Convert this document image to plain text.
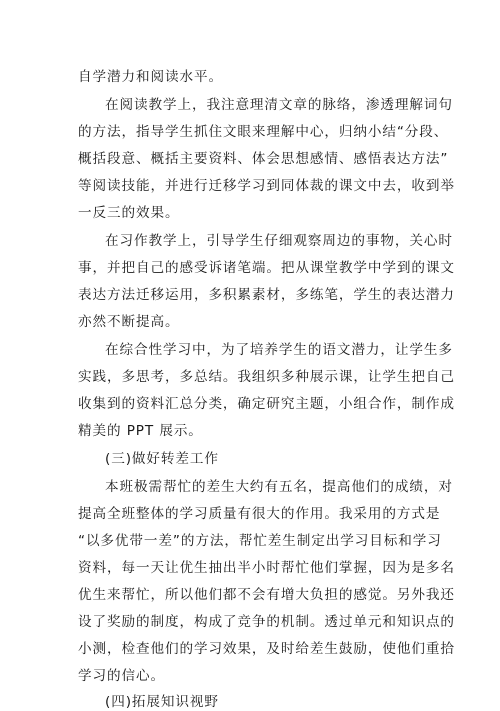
自学潜力和阅读水平。
在阅读教学上，我注意理清文章的脉络，渗透理解词句
的方法，指导学生抓住文眼来理解中心，归纳小结“分段、
概括段意、概括主要资料、体会思想感情、感悟表达方法”
等阅读技能，并进行迁移学习到同体裁的课文中去，收到举
一反三的效果。
在习作教学上，引导学生仔细观察周边的事物，关心时
事，并把自己的感受诉诸笔端。把从课堂教学中学到的课文
表达方法迁移运用，多积累素材，多练笔，学生的表达潜力
亦然不断提高。
在综合性学习中，为了培养学生的语文潜力，让学生多
实践，多思考，多总结。我组织多种展示课，让学生把自己
收集到的资料汇总分类，确定研究主题，小组合作，制作成
精美的 PPT 展示。
(三)做好转差工作
本班极需帮忙的差生大约有五名，提高他们的成绩，对
提高全班整体的学习质量有很大的作用。我采用的方式是
“以多优带一差”的方法，帮忙差生制定出学习目标和学习
资料，每一天让优生抽出半小时帮忙他们掌握，因为是多名
优生来帮忙，所以他们都不会有增大负担的感觉。另外我还
设了奖励的制度，构成了竞争的机制。透过单元和知识点的
小测，检查他们的学习效果，及时给差生鼓励，使他们重拾
学习的信心。
(四)拓展知识视野
